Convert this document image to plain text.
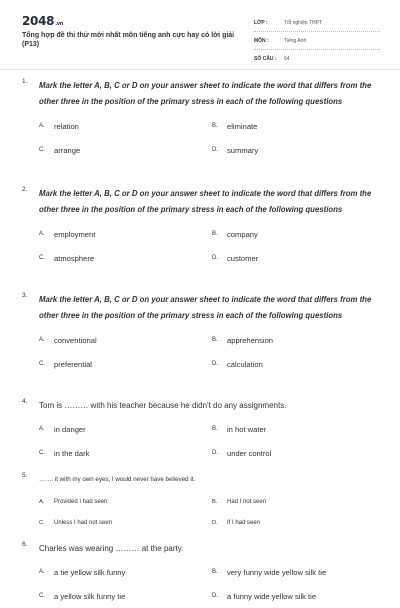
2048.vn
Tổng hợp đề thi thử mới nhất môn tiếng anh cực hay có lời giải (P13)
LỚP :	Tốt nghiệp THPT
MÔN :	Tiếng Anh
SỐ CÂU :	64
1. Mark the letter A, B, C or D on your answer sheet to indicate the word that differs from the other three in the position of the primary stress in each of the following questions
A.	relation	B.	eliminate
C.	arrange	D.	summary
2. Mark the letter A, B, C or D on your answer sheet to indicate the word that differs from the other three in the position of the primary stress in each of the following questions
A.	employment	B.	company
C.	atmosphere	D.	customer
3. Mark the letter A, B, C or D on your answer sheet to indicate the word that differs from the other three in the position of the primary stress in each of the following questions
A.	conventional	B.	apprehension
C.	preferential	D.	calculation
4. Tom is ……… with his teacher because he didn't do any assignments.
A.	in danger	B.	in hot water
C.	in the dark	D.	under control
5.
……. it with my own eyes, I would never have believed it.
A.	Provided I had seen	B.	Had I not seen
C.	Unless I had not seen	D.	If I had seen
6. Charles was wearing ……… at the party.
A.	a tie yellow silk funny	B.	very funny wide yellow silk tie
C.	a yellow silk funny tie	D.	a funny wide yellow silk tie
